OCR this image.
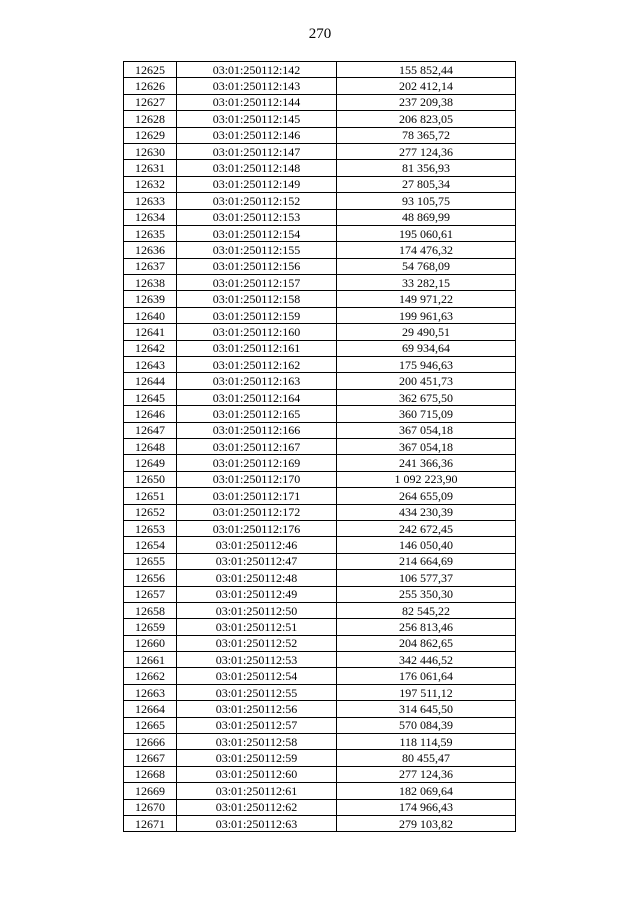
270
12625	03:01:250112:142	155 852,44
12626	03:01:250112:143	202 412,14
12627	03:01:250112:144	237 209,38
12628	03:01:250112:145	206 823,05
12629	03:01:250112:146	78 365,72
12630	03:01:250112:147	277 124,36
12631	03:01:250112:148	81 356,93
12632	03:01:250112:149	27 805,34
12633	03:01:250112:152	93 105,75
12634	03:01:250112:153	48 869,99
12635	03:01:250112:154	195 060,61
12636	03:01:250112:155	174 476,32
12637	03:01:250112:156	54 768,09
12638	03:01:250112:157	33 282,15
12639	03:01:250112:158	149 971,22
12640	03:01:250112:159	199 961,63
12641	03:01:250112:160	29 490,51
12642	03:01:250112:161	69 934,64
12643	03:01:250112:162	175 946,63
12644	03:01:250112:163	200 451,73
12645	03:01:250112:164	362 675,50
12646	03:01:250112:165	360 715,09
12647	03:01:250112:166	367 054,18
12648	03:01:250112:167	367 054,18
12649	03:01:250112:169	241 366,36
12650	03:01:250112:170	1 092 223,90
12651	03:01:250112:171	264 655,09
12652	03:01:250112:172	434 230,39
12653	03:01:250112:176	242 672,45
12654	03:01:250112:46	146 050,40
12655	03:01:250112:47	214 664,69
12656	03:01:250112:48	106 577,37
12657	03:01:250112:49	255 350,30
12658	03:01:250112:50	82 545,22
12659	03:01:250112:51	256 813,46
12660	03:01:250112:52	204 862,65
12661	03:01:250112:53	342 446,52
12662	03:01:250112:54	176 061,64
12663	03:01:250112:55	197 511,12
12664	03:01:250112:56	314 645,50
12665	03:01:250112:57	570 084,39
12666	03:01:250112:58	118 114,59
12667	03:01:250112:59	80 455,47
12668	03:01:250112:60	277 124,36
12669	03:01:250112:61	182 069,64
12670	03:01:250112:62	174 966,43
12671	03:01:250112:63	279 103,82
